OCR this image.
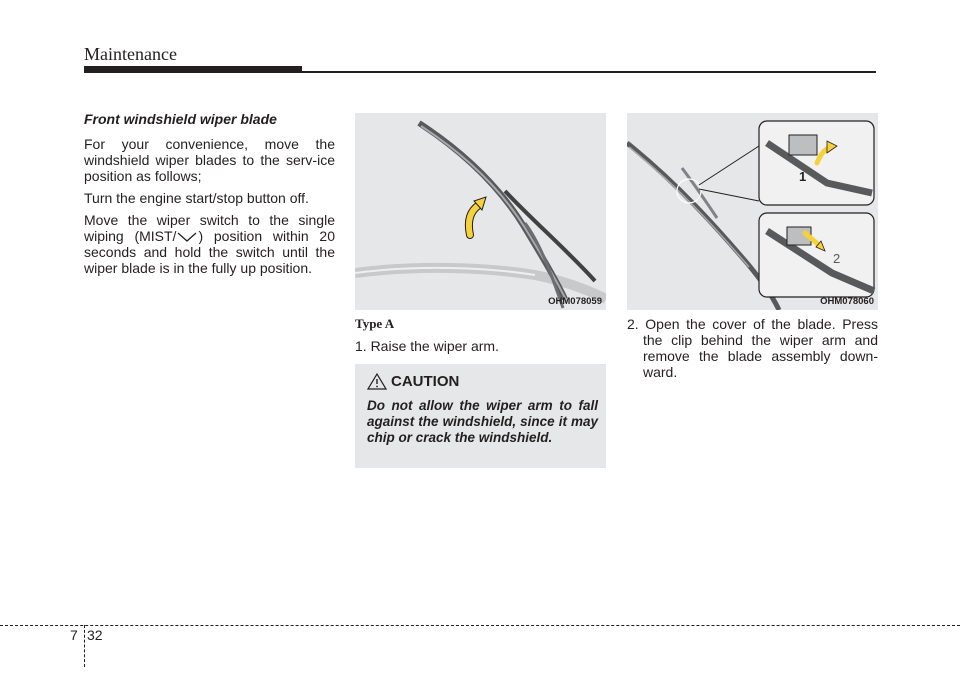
Maintenance

Front windshield wiper blade

For your convenience, move the windshield wiper blades to the serv-ice position as follows;

Turn the engine start/stop button off.

Move the wiper switch to the single wiping (MIST/ ) position within 20 seconds and hold the switch until the wiper blade is in the fully up position.

OHM078059
1
2
OHM078060

Type A

1. Raise the wiper arm.

CAUTION
Do not allow the wiper arm to fall against the windshield, since it may chip or crack the windshield.

2. Open the cover of the blade. Press the clip behind the wiper arm and remove the blade assembly down-ward.

7 32
